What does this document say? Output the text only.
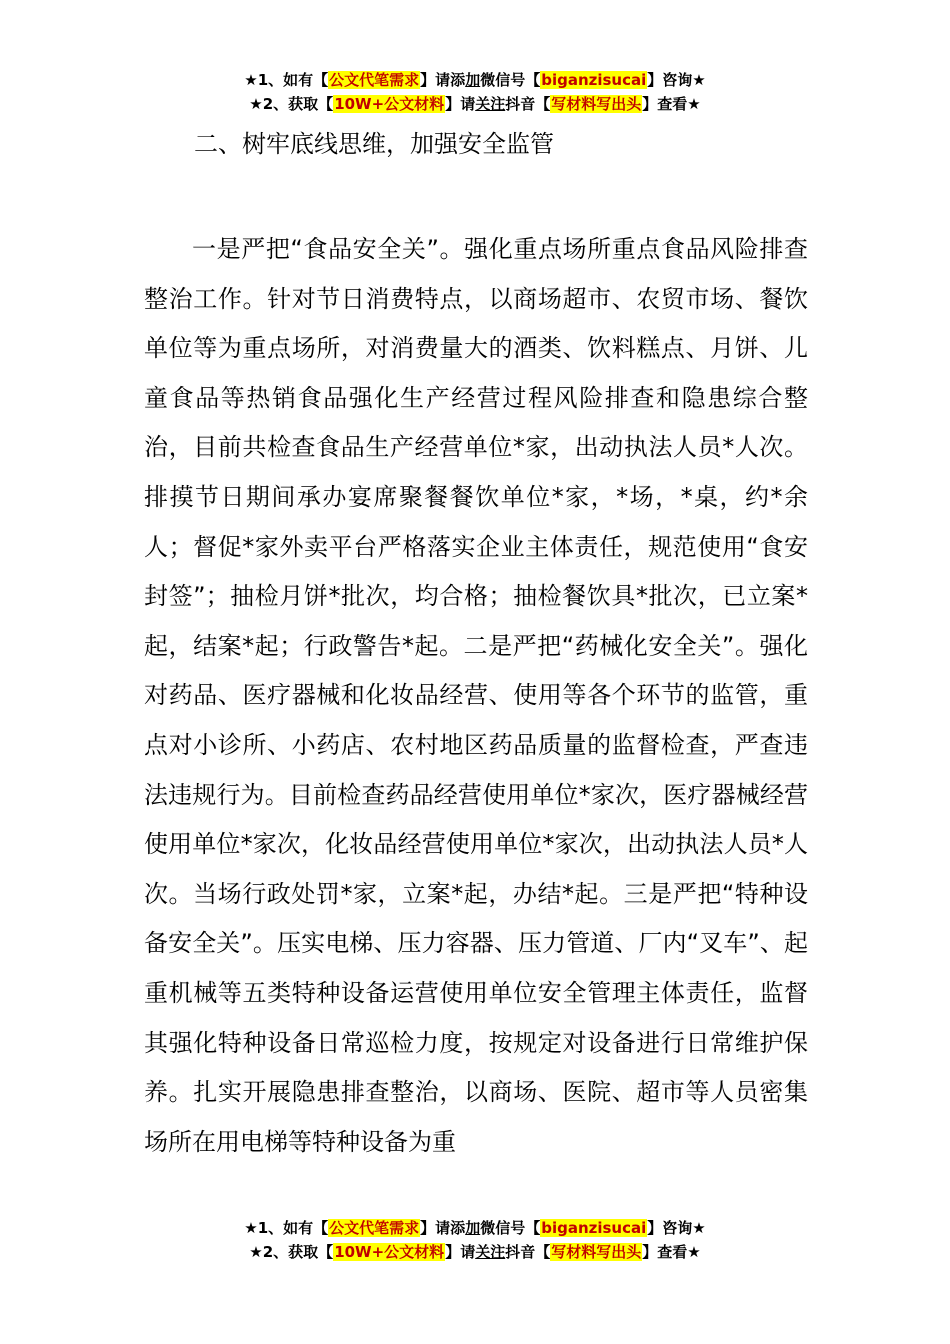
★1、如有【公文代笔需求】请添加微信号【biganzisucai】咨询★
★2、获取【10W+公文材料】请关注抖音【写材料写出头】查看★
二、树牢底线思维，加强安全监管

一是严把“食品安全关”。强化重点场所重点食品风险排查整治工作。针对节日消费特点，以商场超市、农贸市场、餐饮单位等为重点场所，对消费量大的酒类、饮料糕点、月饼、儿童食品等热销食品强化生产经营过程风险排查和隐患综合整治，目前共检查食品生产经营单位*家，出动执法人员*人次。排摸节日期间承办宴席聚餐餐饮单位*家，*场，*桌，约*余人；督促*家外卖平台严格落实企业主体责任，规范使用“食安封签”；抽检月饼*批次，均合格；抽检餐饮具*批次，已立案*起，结案*起；行政警告*起。二是严把“药械化安全关”。强化对药品、医疗器械和化妆品经营、使用等各个环节的监管，重点对小诊所、小药店、农村地区药品质量的监督检查，严查违法违规行为。目前检查药品经营使用单位*家次，医疗器械经营使用单位*家次，化妆品经营使用单位*家次，出动执法人员*人次。当场行政处罚*家，立案*起，办结*起。三是严把“特种设备安全关”。压实电梯、压力容器、压力管道、厂内“叉车”、起重机械等五类特种设备运营使用单位安全管理主体责任，监督其强化特种设备日常巡检力度，按规定对设备进行日常维护保养。扎实开展隐患排查整治，以商场、医院、超市等人员密集场所在用电梯等特种设备为重

★1、如有【公文代笔需求】请添加微信号【biganzisucai】咨询★
★2、获取【10W+公文材料】请关注抖音【写材料写出头】查看★
